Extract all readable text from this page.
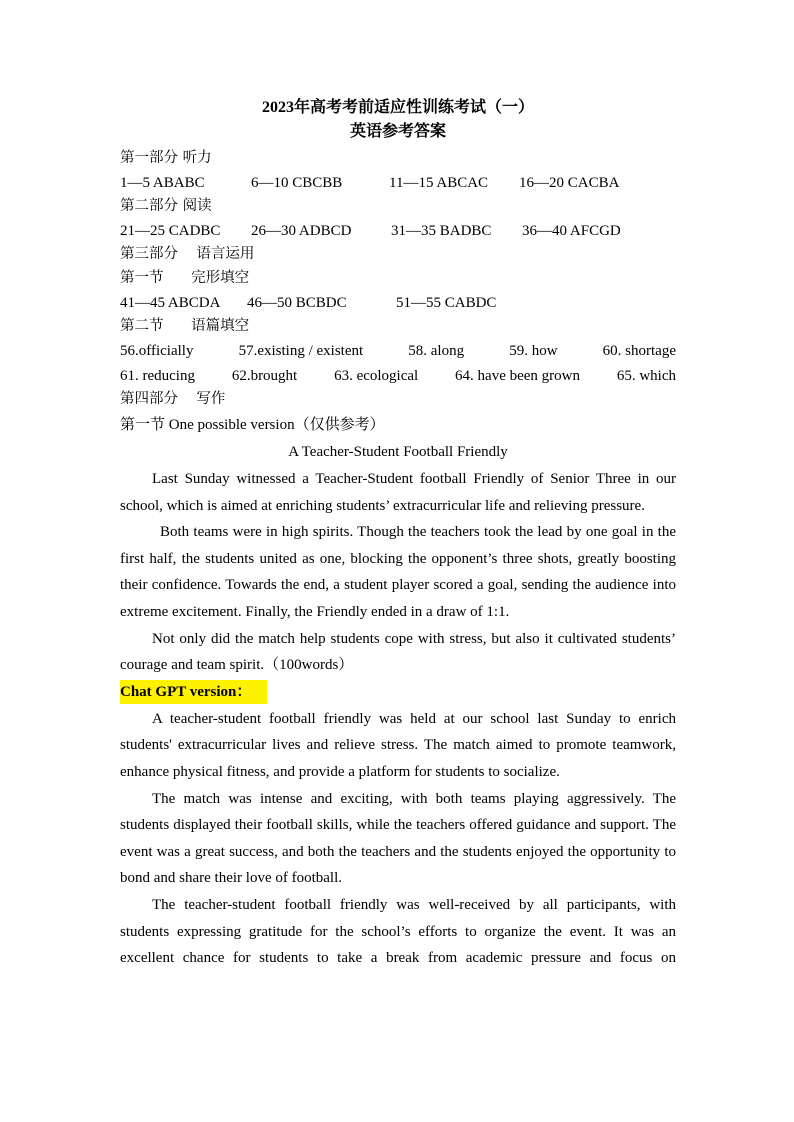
2023年高考考前适应性训练考试（一）
英语参考答案
第一部分 听力
1—5 ABABC	6—10 CBCBB	11—15 ABCAC	16—20 CACBA
第二部分 阅读
21—25 CADBC	26—30 ADBCD	31—35 BADBC	36—40 AFCGD
第三部分    语言运用
第一节      完形填空
41—45 ABCDA	46—50 BCBDC	51—55 CABDC
第二节      语篇填空
56.officially	57.existing / existent	58. along	59. how	60. shortage
61. reducing 62.brought 63. ecological 64. have been grown 65. which
第四部分    写作
第一节 One possible version（仅供参考）
A Teacher-Student Football Friendly

Last Sunday witnessed a Teacher-Student football Friendly of Senior Three in our school, which is aimed at enriching students’ extracurricular life and relieving pressure.

Both teams were in high spirits. Though the teachers took the lead by one goal in the first half, the students united as one, blocking the opponent’s three shots, greatly boosting their confidence. Towards the end, a student player scored a goal, sending the audience into extreme excitement. Finally, the Friendly ended in a draw of 1:1.

Not only did the match help students cope with stress, but also it cultivated students’ courage and team spirit.（100words）

Chat GPT version：

A teacher-student football friendly was held at our school last Sunday to enrich students' extracurricular lives and relieve stress. The match aimed to promote teamwork, enhance physical fitness, and provide a platform for students to socialize.

The match was intense and exciting, with both teams playing aggressively. The students displayed their football skills, while the teachers offered guidance and support. The event was a great success, and both the teachers and the students enjoyed the opportunity to bond and share their love of football.

The teacher-student football friendly was well-received by all participants, with students expressing gratitude for the school’s efforts to organize the event. It was an excellent chance for students to take a break from academic pressure and focus on
